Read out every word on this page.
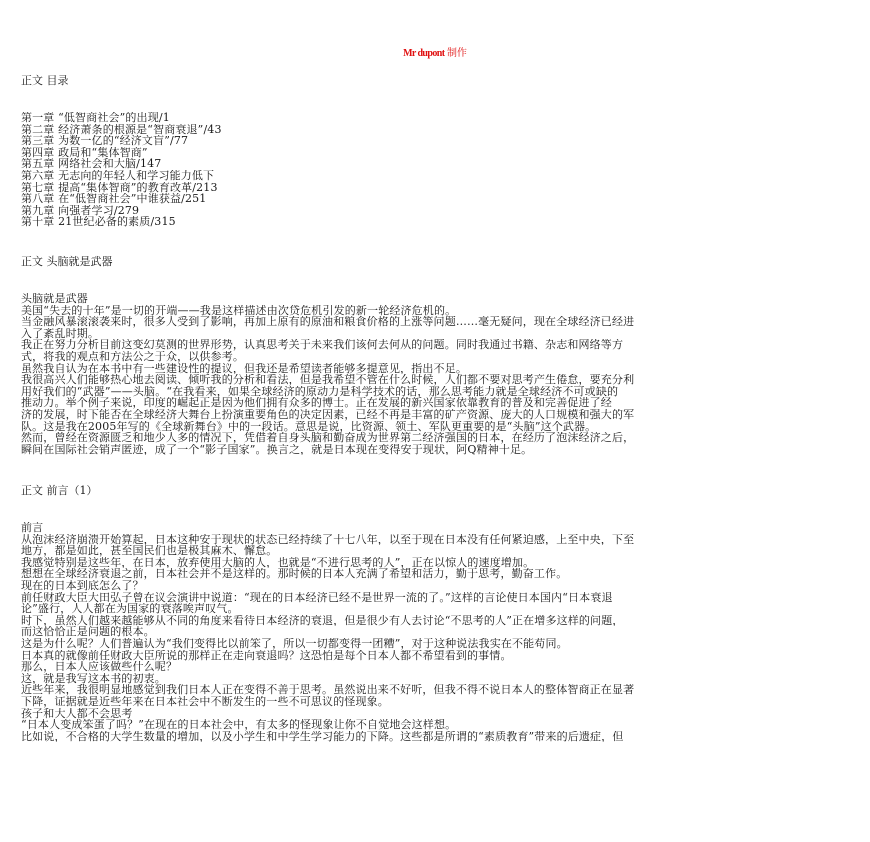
Mr dupont 制作
正文 目录
第一章 “低智商社会”的出现/1
第二章 经济萧条的根源是“智商衰退”/43
第三章 为数一亿的“经济文盲”/77
第四章 政局和“集体智商”
第五章 网络社会和大脑/147
第六章 无志向的年轻人和学习能力低下
第七章 提高“集体智商”的教育改革/213
第八章 在“低智商社会”中谁获益/251
第九章 向强者学习/279
第十章 21世纪必备的素质/315
正文 头脑就是武器
头脑就是武器
美国“失去的十年”是一切的开端——我是这样描述由次贷危机引发的新一轮经济危机的。
当金融风暴滚滚袭来时，很多人受到了影响，再加上原有的原油和粮食价格的上涨等问题……毫无疑问，现在全球经济已经进
入了紊乱时期。
我正在努力分析目前这变幻莫测的世界形势，认真思考关于未来我们该何去何从的问题。同时我通过书籍、杂志和网络等方
式，将我的观点和方法公之于众，以供参考。
虽然我自认为在本书中有一些建设性的提议，但我还是希望读者能够多提意见，指出不足。
我很高兴人们能够热心地去阅读、倾听我的分析和看法，但是我希望不管在什么时候，人们都不要对思考产生倦怠，要充分利
用好我们的“武器”——头脑。“在我看来，如果全球经济的原动力是科学技术的话，那么思考能力就是全球经济不可或缺的
推动力。举个例子来说，印度的崛起正是因为他们拥有众多的博士。正在发展的新兴国家依靠教育的普及和完善促进了经
济的发展，时下能否在全球经济大舞台上扮演重要角色的决定因素，已经不再是丰富的矿产资源、庞大的人口规模和强大的军
队。这是我在2005年写的《全球新舞台》中的一段话。意思是说，比资源、领土、军队更重要的是“头脑”这个武器。
然而，曾经在资源匮乏和地少人多的情况下，凭借着自身头脑和勤奋成为世界第二经济强国的日本，在经历了泡沫经济之后，
瞬间在国际社会销声匿迹，成了一个“影子国家”。换言之，就是日本现在变得安于现状，阿Q精神十足。
正文 前言（1）
前言
从泡沫经济崩溃开始算起，日本这种安于现状的状态已经持续了十七八年，以至于现在日本没有任何紧迫感，上至中央，下至
地方，都是如此，甚至国民们也是极其麻木、懈怠。
我感觉特别是这些年，在日本，放弃使用大脑的人，也就是“不进行思考的人”，正在以惊人的速度增加。
想想在全球经济衰退之前，日本社会并不是这样的。那时候的日本人充满了希望和活力，勤于思考，勤奋工作。
现在的日本到底怎么了？
前任财政大臣大田弘子曾在议会演讲中说道：“现在的日本经济已经不是世界一流的了。”这样的言论使日本国内“日本衰退
论”盛行，人人都在为国家的衰落唉声叹气。
时下，虽然人们越来越能够从不同的角度来看待日本经济的衰退，但是很少有人去讨论“不思考的人”正在增多这样的问题，
而这恰恰正是问题的根本。
这是为什么呢？人们普遍认为“我们变得比以前笨了，所以一切都变得一团糟”，对于这种说法我实在不能苟同。
日本真的就像前任财政大臣所说的那样正在走向衰退吗？这恐怕是每个日本人都不希望看到的事情。
那么，日本人应该做些什么呢？
这，就是我写这本书的初衷。
近些年来，我很明显地感觉到我们日本人正在变得不善于思考。虽然说出来不好听，但我不得不说日本人的整体智商正在显著
下降，证据就是近些年来在日本社会中不断发生的一些不可思议的怪现象。
孩子和大人都不会思考
“日本人变成笨蛋了吗？”在现在的日本社会中，有太多的怪现象让你不自觉地会这样想。
比如说，不合格的大学生数量的增加，以及小学生和中学生学习能力的下降。这些都是所谓的“素质教育”带来的后遗症，但
